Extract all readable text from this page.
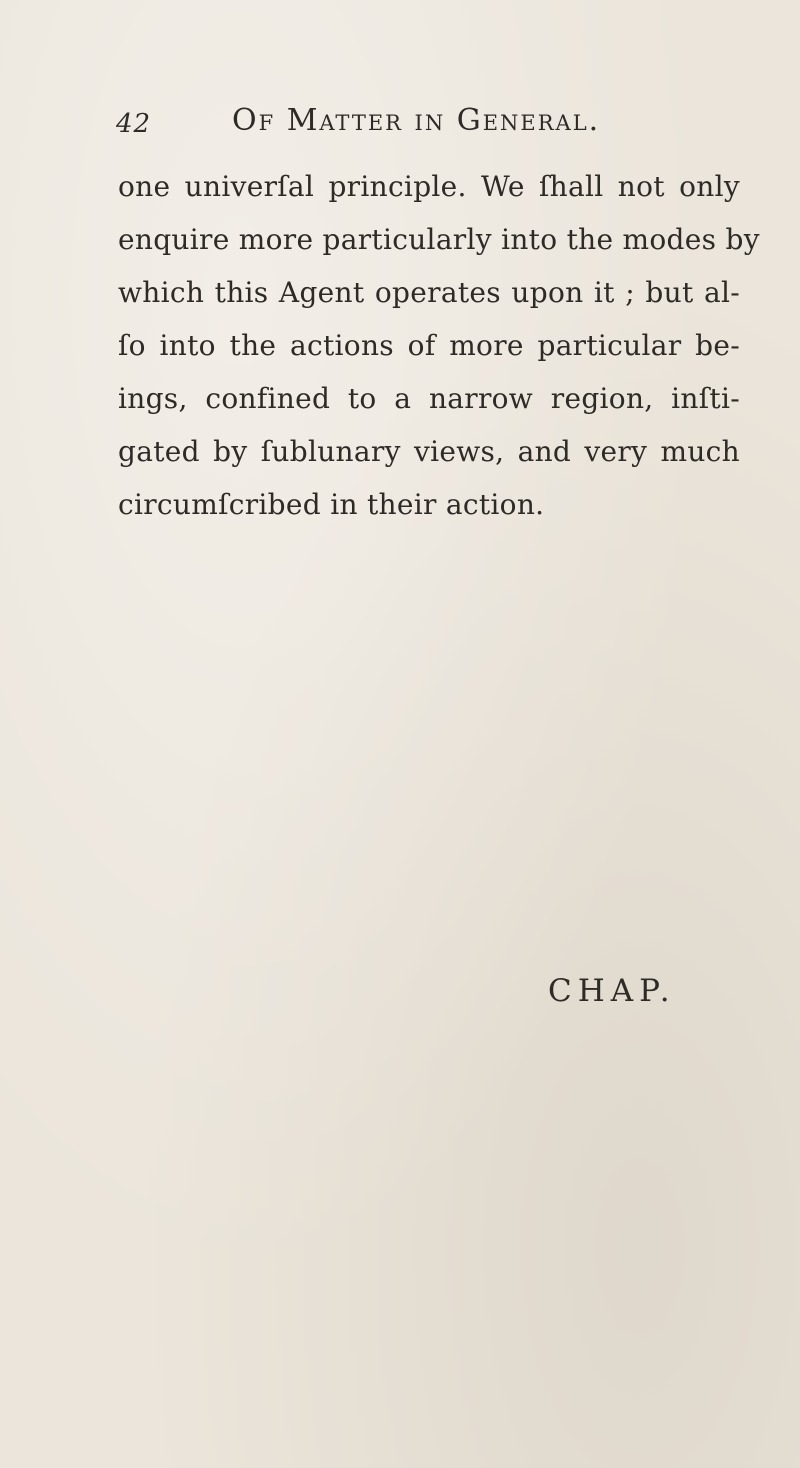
42	Of Matter in General.
one univerſal principle. We ſhall not only
enquire more particularly into the modes by
which this Agent operates upon it ; but al-
ſo into the actions of more particular be-
ings, confined to a narrow region, inſti-
gated by ſublunary views, and very much
circumſcribed in their action.
CHAP.
